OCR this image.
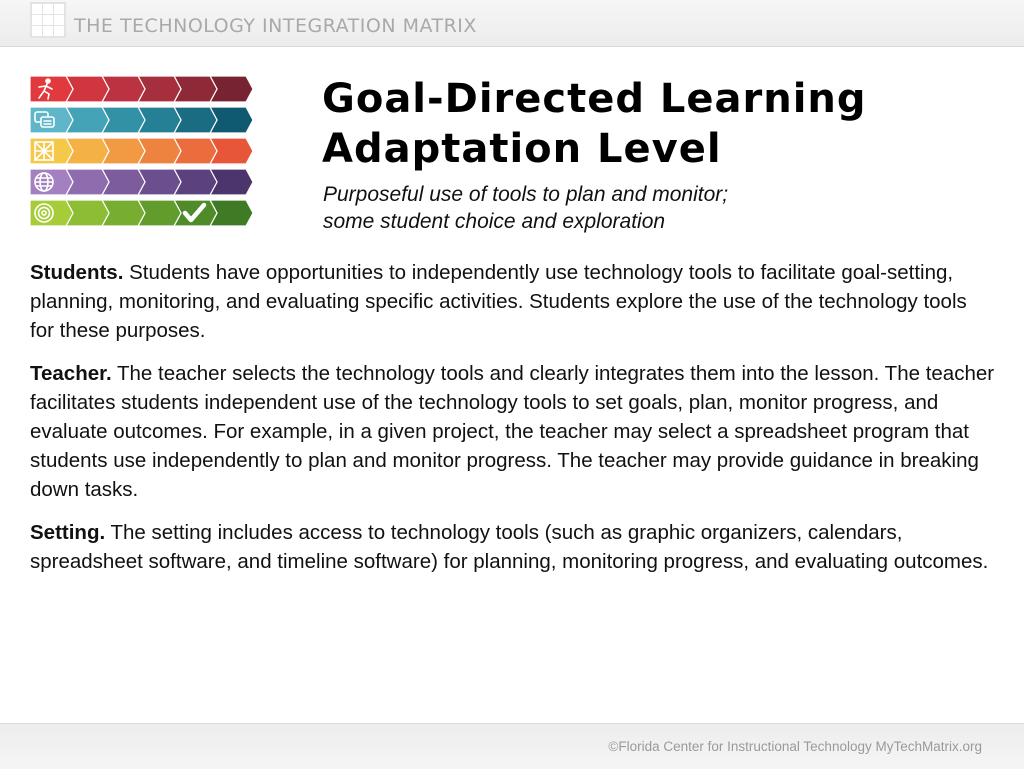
THE TECHNOLOGY INTEGRATION MATRIX
Goal-Directed Learning
Adaptation Level
Purposeful use of tools to plan and monitor;
some student choice and exploration

Students. Students have opportunities to independently use technology tools to facilitate goal-setting, planning, monitoring, and evaluating specific activities. Students explore the use of the technology tools for these purposes.

Teacher. The teacher selects the technology tools and clearly integrates them into the lesson. The teacher facilitates students independent use of the technology tools to set goals, plan, monitor progress, and evaluate outcomes. For example, in a given project, the teacher may select a spreadsheet program that students use independently to plan and monitor progress. The teacher may provide guidance in breaking down tasks.

Setting. The setting includes access to technology tools (such as graphic organizers, calendars, spreadsheet software, and timeline software) for planning, monitoring progress, and evaluating outcomes.

©Florida Center for Instructional Technology MyTechMatrix.org
